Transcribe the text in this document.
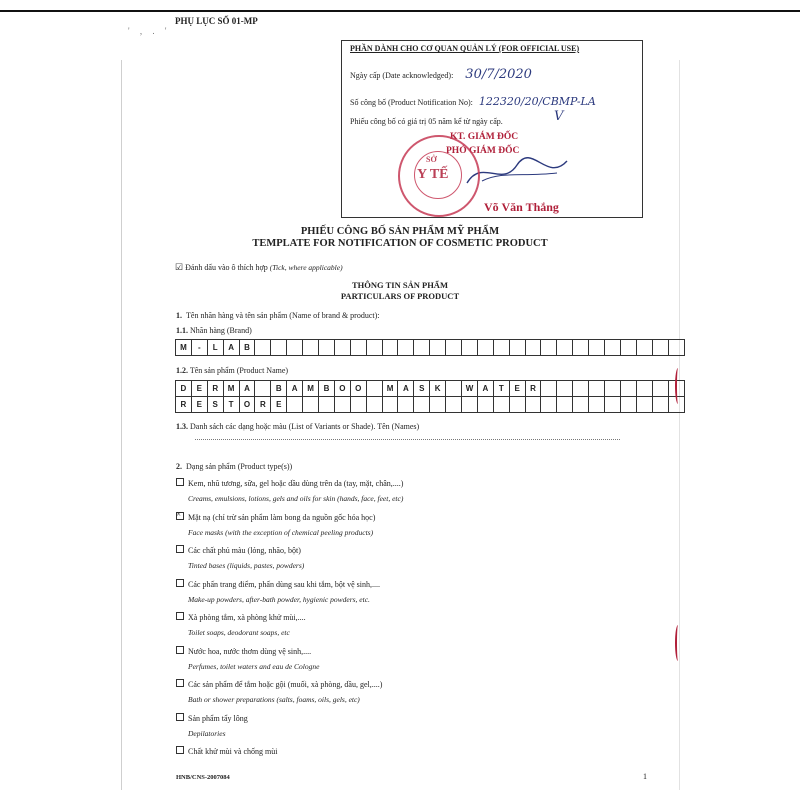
PHỤ LỤC SỐ 01-MP
' , . '
PHẦN DÀNH CHO CƠ QUAN QUẢN LÝ (FOR OFFICIAL USE)
Ngày cấp (Date acknowledged): 30/7/2020
Số công bố (Product Notification No): 122320/20/CBMP-LA
Phiếu công bố có giá trị 05 năm kể từ ngày cấp.	V
KT. GIÁM ĐỐC
PHÓ GIÁM ĐỐC
Võ Văn Thắng
SỞ
Y TẾ
PHIẾU CÔNG BỐ SẢN PHẨM MỸ PHẨM
TEMPLATE FOR NOTIFICATION OF COSMETIC PRODUCT
☑ Đánh dấu vào ô thích hợp (Tick, where applicable)
THÔNG TIN SẢN PHẨM
PARTICULARS OF PRODUCT
1. Tên nhãn hàng và tên sản phẩm (Name of brand & product):
1.1. Nhãn hàng (Brand)
M	-	L	A	B																											
1.2. Tên sản phẩm (Product Name)
D	E	R	M	A		B	A	M	B	O	O		M	A	S	K		W	A	T	E	R									
R	E	S	T	O	R	E																									
1.3. Danh sách các dạng hoặc màu (List of Variants or Shade). Tên (Names)
2. Dạng sản phẩm (Product type(s))
Kem, nhũ tương, sữa, gel hoặc dầu dùng trên da (tay, mặt, chân,....)
Creams, emulsions, lotions, gels and oils for skin (hands, face, feet, etc)
×Mặt nạ (chỉ trừ sản phẩm làm bong da nguồn gốc hóa học)
Face masks (with the exception of chemical peeling products)
Các chất phủ màu (lỏng, nhão, bột)
Tinted bases (liquids, pastes, powders)
Các phấn trang điểm, phấn dùng sau khi tắm, bột vệ sinh,....
Make-up powders, after-bath powder, hygienic powders, etc.
Xà phòng tắm, xà phòng khử mùi,....
Toilet soaps, deodorant soaps, etc
Nước hoa, nước thơm dùng vệ sinh,....
Perfumes, toilet waters and eau de Cologne
Các sản phẩm để tắm hoặc gội (muối, xà phòng, dầu, gel,....)
Bath or shower preparations (salts, foams, oils, gels, etc)
Sản phẩm tẩy lông
Depilatories
Chất khử mùi và chống mùi
HNB/CNS-2007084	1
